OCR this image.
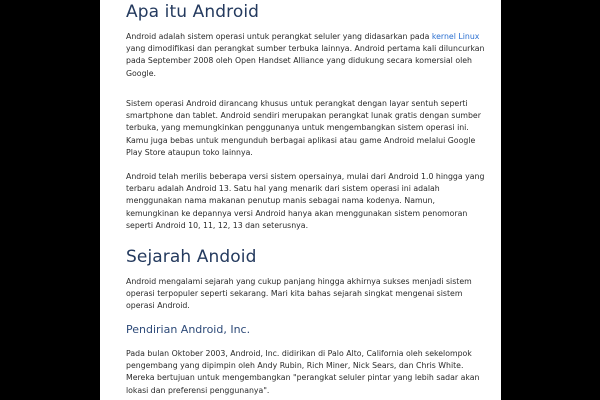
Apa itu Android

Android adalah sistem operasi untuk perangkat seluler yang didasarkan pada kernel Linux yang dimodifikasi dan perangkat sumber terbuka lainnya. Android pertama kali diluncurkan pada September 2008 oleh Open Handset Alliance yang didukung secara komersial oleh Google.

Sistem operasi Android dirancang khusus untuk perangkat dengan layar sentuh seperti smartphone dan tablet. Android sendiri merupakan perangkat lunak gratis dengan sumber terbuka, yang memungkinkan penggunanya untuk mengembangkan sistem operasi ini. Kamu juga bebas untuk mengunduh berbagai aplikasi atau game Android melalui Google Play Store ataupun toko lainnya.

Android telah merilis beberapa versi sistem opersainya, mulai dari Android 1.0 hingga yang terbaru adalah Android 13. Satu hal yang menarik dari sistem operasi ini adalah menggunakan nama makanan penutup manis sebagai nama kodenya. Namun, kemungkinan ke depannya versi Android hanya akan menggunakan sistem penomoran seperti Android 10, 11, 12, 13 dan seterusnya.

Sejarah Andoid

Android mengalami sejarah yang cukup panjang hingga akhirnya sukses menjadi sistem operasi terpopuler seperti sekarang. Mari kita bahas sejarah singkat mengenai sistem operasi Android.

Pendirian Android, Inc.

Pada bulan Oktober 2003, Android, Inc. didirikan di Palo Alto, California oleh sekelompok pengembang yang dipimpin oleh Andy Rubin, Rich Miner, Nick Sears, dan Chris White. Mereka bertujuan untuk mengembangkan "perangkat seluler pintar yang lebih sadar akan lokasi dan preferensi penggunanya".
